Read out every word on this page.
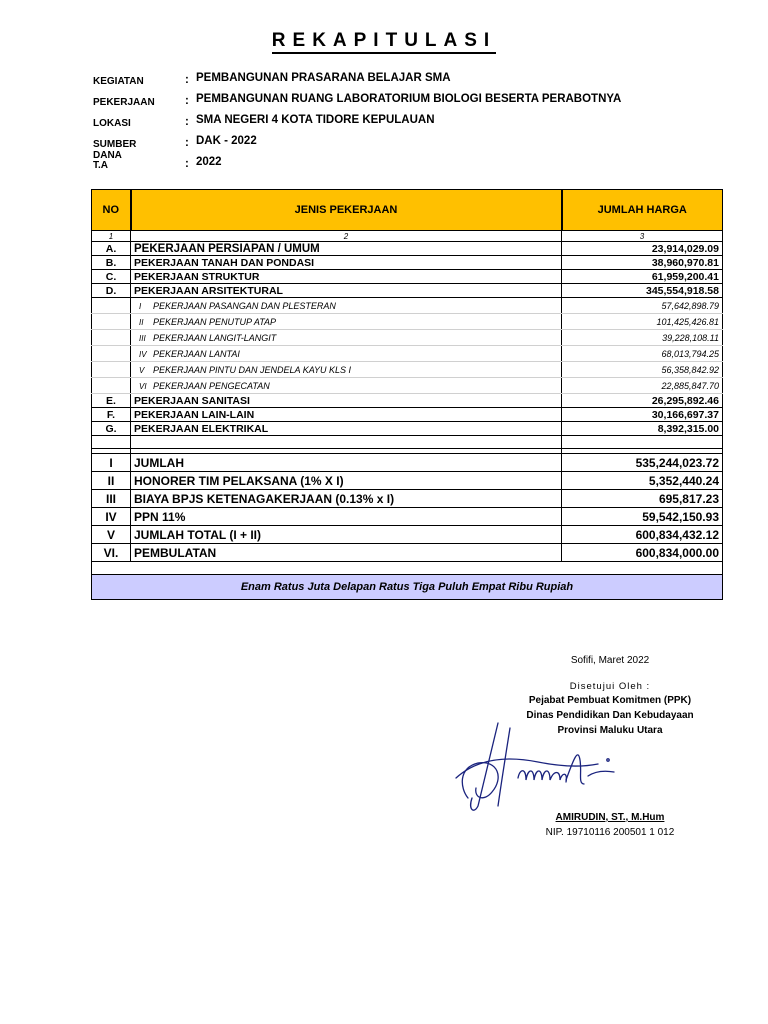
REKAPITULASI
KEGIATAN	: PEMBANGUNAN PRASARANA BELAJAR SMA
PEKERJAAN	: PEMBANGUNAN RUANG LABORATORIUM BIOLOGI BESERTA PERABOTNYA
LOKASI	: SMA NEGERI 4 KOTA TIDORE KEPULAUAN
SUMBER DANA
: DAK - 2022
T.A	: 2022
NO	JENIS PEKERJAAN	JUMLAH HARGA
1	2	3
A.	PEKERJAAN PERSIAPAN / UMUM	23,914,029.09
B.	PEKERJAAN TANAH DAN PONDASI	38,960,970.81
C.	PEKERJAAN STRUKTUR	61,959,200.41
D.	PEKERJAAN ARSITEKTURAL	345,554,918.58
	I PEKERJAAN PASANGAN DAN PLESTERAN	57,642,898.79
	II PEKERJAAN PENUTUP ATAP	101,425,426.81
	III PEKERJAAN LANGIT-LANGIT	39,228,108.11
	IV PEKERJAAN LANTAI	68,013,794.25
	V PEKERJAAN PINTU DAN JENDELA KAYU KLS I	56,358,842.92
	VI PEKERJAAN PENGECATAN	22,885,847.70
E.	PEKERJAAN SANITASI	26,295,892.46
F.	PEKERJAAN LAIN-LAIN	30,166,697.37
G.	PEKERJAAN ELEKTRIKAL	8,392,315.00

I	JUMLAH	535,244,023.72
II	HONORER TIM PELAKSANA (1% X I)	5,352,440.24
III	BIAYA BPJS KETENAGAKERJAAN (0.13% x I)	695,817.23
IV	PPN 11%	59,542,150.93
V	JUMLAH TOTAL (I + II)	600,834,432.12
VI.	PEMBULATAN	600,834,000.00

Enam Ratus Juta Delapan Ratus Tiga Puluh Empat Ribu Rupiah		
Sofifi, Maret 2022
Disetujui Oleh :
Pejabat Pembuat Komitmen (PPK)
Dinas Pendidikan Dan Kebudayaan
Provinsi Maluku Utara
AMIRUDIN, ST., M.Hum
NIP. 19710116 200501 1 012
